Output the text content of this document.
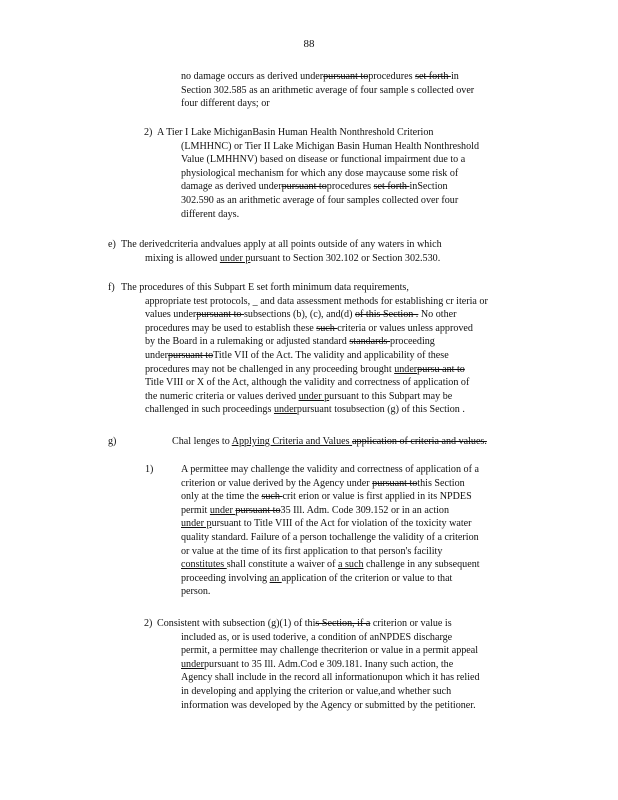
88
no damage occurs as derived underpursuant toprocedures set forth in
Section 302.585 as an arithmetic average of four sample s collected over
four different days; or
2) A Tier I Lake MichiganBasin Human Health Nonthreshold Criterion
(LMHHNC) or Tier II Lake Michigan Basin Human Health Nonthreshold
Value (LMHHNV) based on disease or functional impairment due to a
physiological mechanism for which any dose maycause some risk of
damage as derived underpursuant toprocedures set forth inSection
302.590 as an arithmetic average of four samples collected over four
different days.
e) The derivedcriteria andvalues apply at all points outside of any waters in which
mixing is allowed under pursuant to Section 302.102 or Section 302.530.
f) The procedures of this Subpart E set forth minimum data requirements,
appropriate test protocols, _ and data assessment methods for establishing cr iteria or
values underpursuant to subsections (b), (c), and(d) of this Section . No other
procedures may be used to establish these such criteria or values unless approved
by the Board in a rulemaking or adjusted standard standards proceeding
underpursuant toTitle VII of the Act. The validity and applicability of these
procedures may not be challenged in any proceeding brought underpursu ant to
Title VIII or X of the Act, although the validity and correctness of application of
the numeric criteria or values derived under pursuant to this Subpart may be
challenged in such proceedings underpursuant tosubsection (g) of this Section .
g)	Chal lenges to Applying Criteria and Values application of criteria and values.
1)	A permittee may challenge the validity and correctness of application of a
criterion or value derived by the Agency under pursuant tothis Section
only at the time the such crit erion or value is first applied in its NPDES
permit under pursuant to35 Ill. Adm. Code 309.152 or in an action
under pursuant to Title VIII of the Act for violation of the toxicity water
quality standard. Failure of a person tochallenge the validity of a criterion
or value at the time of its first application to that person's facility
constitutes shall constitute a waiver of a such challenge in any subsequent
proceeding involving an application of the criterion or value to that
person.
2) Consistent with subsection (g)(1) of this Section, if a criterion or value is
included as, or is used toderive, a condition of anNPDES discharge
permit, a permittee may challenge thecriterion or value in a permit appeal
underpursuant to 35 Ill. Adm.Cod e 309.181. Inany such action, the
Agency shall include in the record all informationupon which it has relied
in developing and applying the criterion or value,and whether such
information was developed by the Agency or submitted by the petitioner.
